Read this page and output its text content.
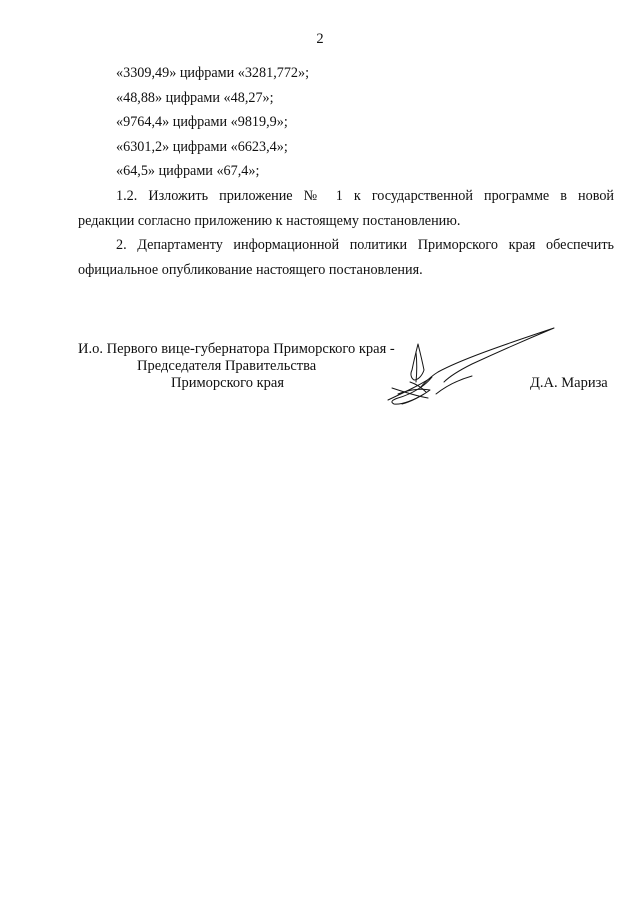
2
«3309,49» цифрами «3281,772»;
«48,88» цифрами «48,27»;
«9764,4» цифрами «9819,9»;
«6301,2» цифрами «6623,4»;
«64,5» цифрами «67,4»;
1.2. Изложить приложение № 1 к государственной программе в новой
редакции согласно приложению к настоящему постановлению.
2. Департаменту информационной политики Приморского края обеспечить
официальное опубликование настоящего постановления.
И.о. Первого вице-губернатора Приморского края -
Председателя Правительства
Приморского края	Д.А. Мариза
